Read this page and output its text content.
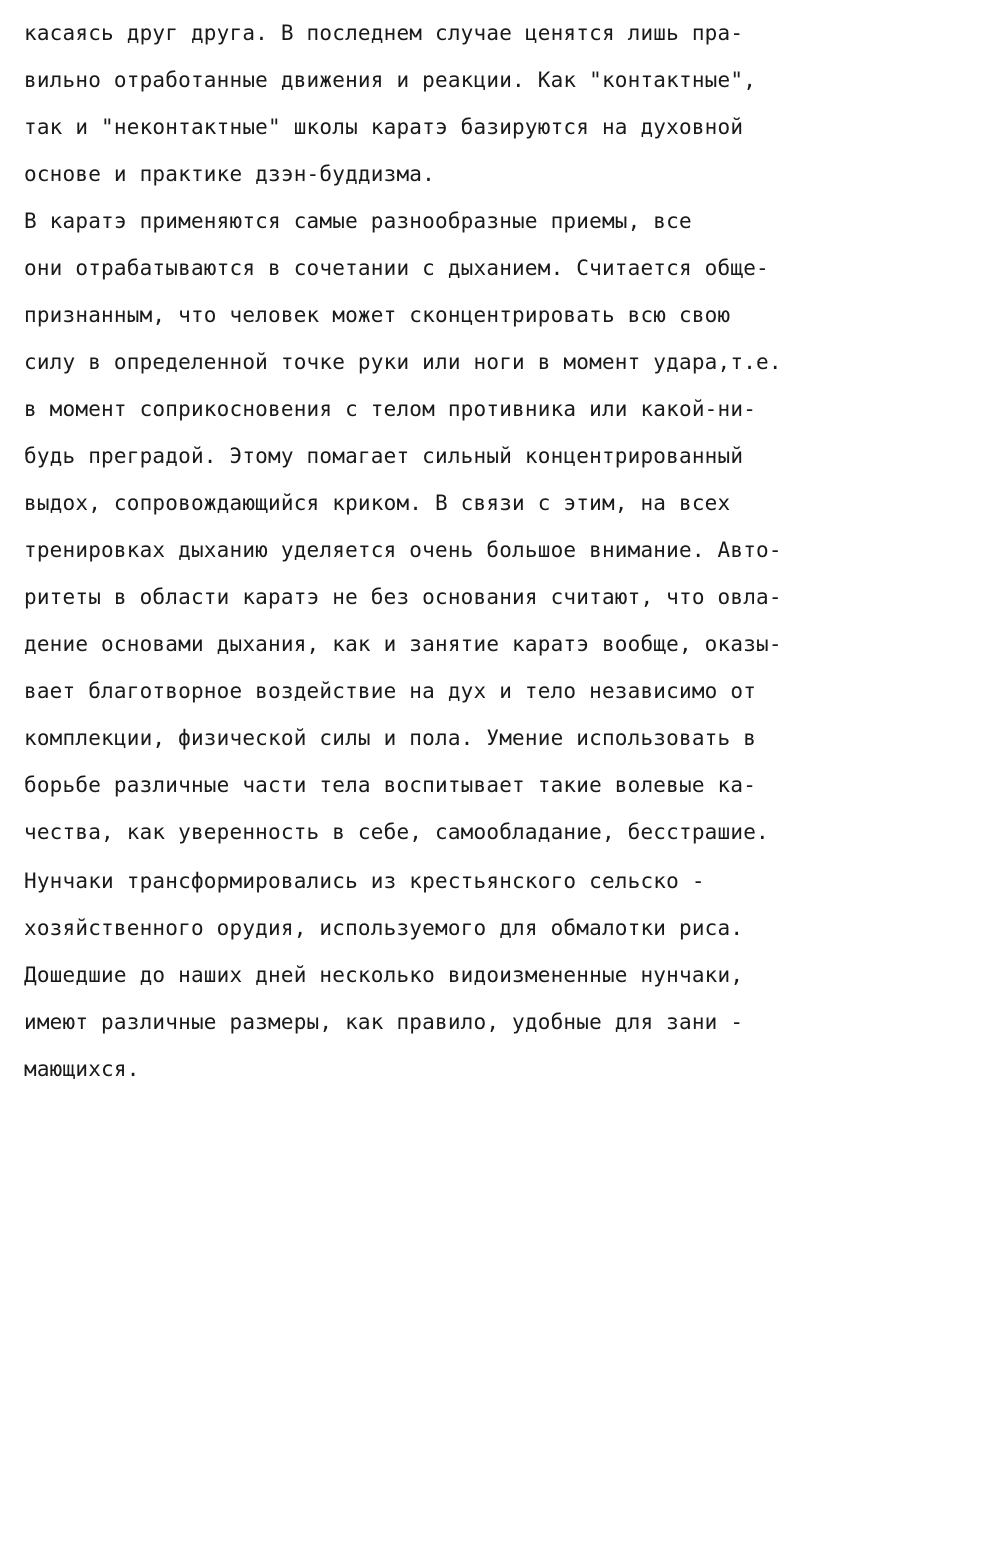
касаясь друг друга. В последнем случае ценятся лишь пра-
вильно отработанные движения и реакции. Как "контактные",
так и "неконтактные" школы каратэ базируются на духовной
основе и практике дзэн-буддизма.
В каратэ применяются самые разнообразные приемы, все
они отрабатываются в сочетании с дыханием. Считается обще-
признанным, что человек может сконцентрировать всю свою
силу в определенной точке руки или ноги в момент удара,т.е.
в момент соприкосновения с телом противника или какой-ни-
будь преградой. Этому помагает сильный концентрированный
выдох, сопровождающийся криком. В связи с этим, на всех
тренировках дыханию уделяется очень большое внимание. Авто-
ритеты в области каратэ не без основания считают, что овла-
дение основами дыхания, как и занятие каратэ вообще, оказы-
вает благотворное воздействие на дух и тело независимо от
комплекции, физической силы и пола. Умение использовать в
борьбе различные части тела воспитывает такие волевые ка-
чества, как уверенность в себе, самообладание, бесстрашие.
Нунчаки трансформировались из крестьянского сельско -
хозяйственного орудия, используемого для обмалотки риса.
Дошедшие до наших дней несколько видоизмененные нунчаки,
имеют различные размеры, как правило, удобные для зани -
мающихся.
